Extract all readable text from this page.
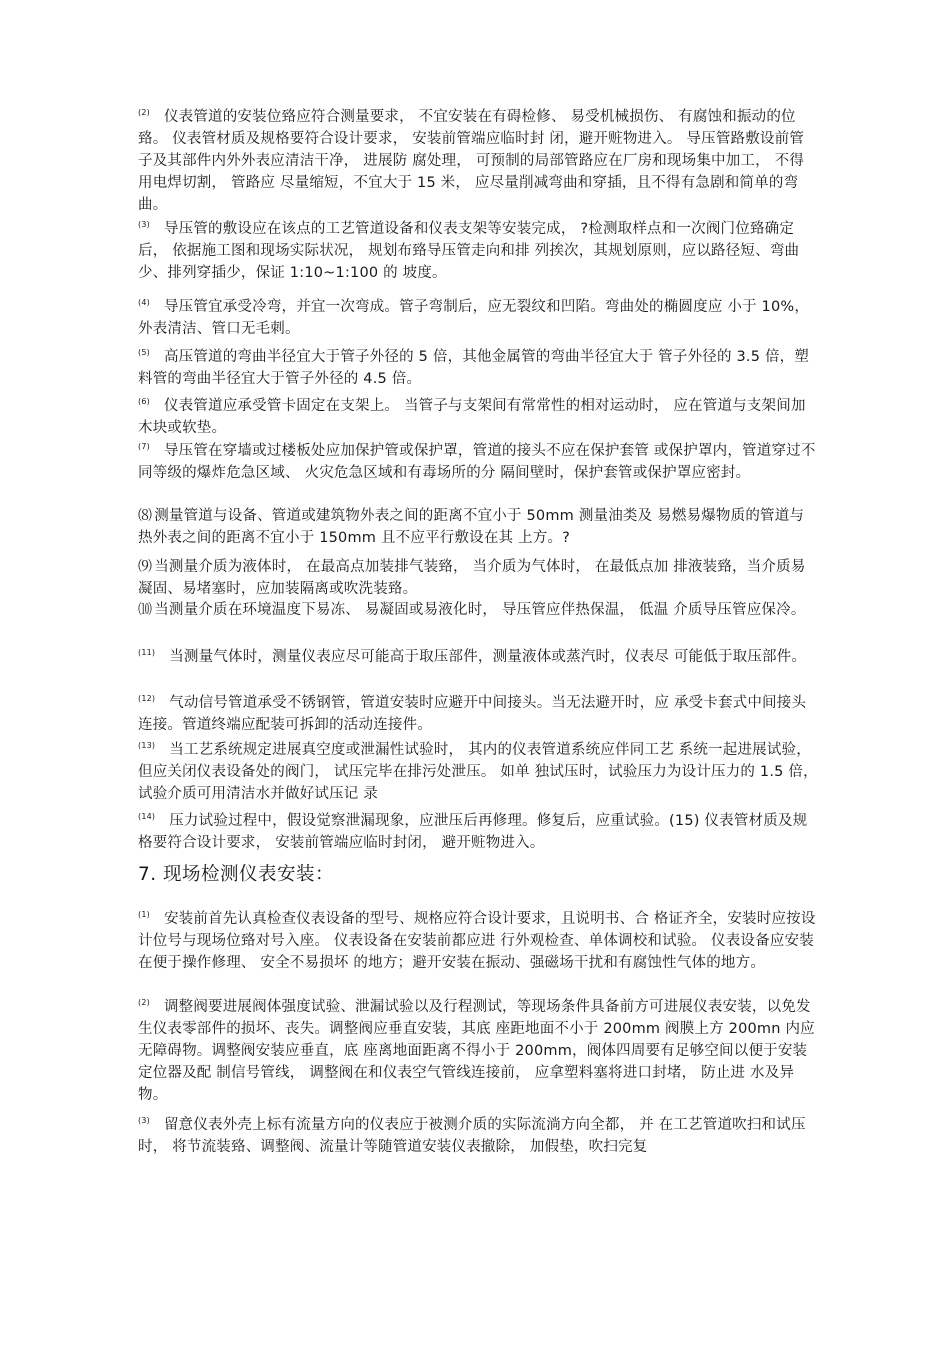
$^{(2)}$ 仪表管道的安装位臵应符合测量要求， 不宜安装在有碍检修、 易受机械损伤、 有腐蚀和振动的位臵。 仪表管材质及规格要符合设计要求， 安装前管端应临时封 闭，避开赃物进入。 导压管路敷设前管子及其部件内外外表应清洁干净， 进展防 腐处理， 可预制的局部管路应在厂房和现场集中加工， 不得用电焊切割， 管路应 尽量缩短，不宜大于 15 米， 应尽量削减弯曲和穿插，且不得有急剧和简单的弯 曲。
$^{(3)}$ 导压管的敷设应在该点的工艺管道设备和仪表支架等安装完成， ?检测取样点和一次阀门位臵确定后， 依据施工图和现场实际状况， 规划布臵导压管走向和排 列挨次，其规划原则，应以路径短、弯曲少、排列穿插少，保证 1:10~1:100 的 坡度。
$^{(4)}$ 导压管宜承受冷弯，并宜一次弯成。管子弯制后，应无裂纹和凹陷。弯曲处的椭圆度应 小于 10%，外表清洁、管口无毛刺。
$^{(5)}$ 高压管道的弯曲半径宜大于管子外径的 5 倍，其他金属管的弯曲半径宜大于 管子外径的 3.5 倍，塑料管的弯曲半径宜大于管子外径的 4.5 倍。
$^{(6)}$ 仪表管道应承受管卡固定在支架上。 当管子与支架间有常常性的相对运动时， 应在管道与支架间加木块或软垫。
$^{(7)}$ 导压管在穿墙或过楼板处应加保护管或保护罩，管道的接头不应在保护套管 或保护罩内，管道穿过不同等级的爆炸危急区域、 火灾危急区域和有毒场所的分 隔间壁时，保护套管或保护罩应密封。
⑻ 测量管道与设备、管道或建筑物外表之间的距离不宜小于 50mm 测量油类及 易燃易爆物质的管道与热外表之间的距离不宜小于 150mm 且不应平行敷设在其 上方。?
⑼ 当测量介质为液体时， 在最高点加装排气装臵， 当介质为气体时， 在最低点加 排液装臵，当介质易凝固、易堵塞时，应加装隔离或吹洗装臵。
⑽ 当测量介质在环境温度下易冻、 易凝固或易液化时， 导压管应伴热保温， 低温 介质导压管应保冷。
$^{(11)}$ 当测量气体时，测量仪表应尽可能高于取压部件，测量液体或蒸汽时，仪表尽 可能低于取压部件。
$^{(12)}$ 气动信号管道承受不锈钢管，管道安装时应避开中间接头。当无法避开时，应 承受卡套式中间接头连接。管道终端应配装可拆卸的活动连接件。
$^{(13)}$ 当工艺系统规定进展真空度或泄漏性试验时， 其内的仪表管道系统应伴同工艺 系统一起进展试验， 但应关闭仪表设备处的阀门， 试压完毕在排污处泄压。 如单 独试压时，试验压力为设计压力的 1.5 倍，试验介质可用清洁水并做好试压记 录
$^{(14)}$ 压力试验过程中，假设觉察泄漏现象，应泄压后再修理。修复后，应重试验。(15) 仪表管材质及规格要符合设计要求， 安装前管端应临时封闭， 避开赃物进入。
7. 现场检测仪表安装：
$^{(1)}$ 安装前首先认真检查仪表设备的型号、规格应符合设计要求，且说明书、合 格证齐全，安装时应按设计位号与现场位臵对号入座。 仪表设备在安装前都应进 行外观检查、单体调校和试验。 仪表设备应安装在便于操作修理、 安全不易损坏 的地方；避开安装在振动、强磁场干扰和有腐蚀性气体的地方。
$^{(2)}$ 调整阀要进展阀体强度试验、泄漏试验以及行程测试，等现场条件具备前方可进展仪表安装，以免发生仪表零部件的损坏、丧失。调整阀应垂直安装，其底 座距地面不小于 200mm 阀膜上方 200mn 内应无障碍物。调整阀安装应垂直，底 座离地面距离不得小于 200mm，阀体四周要有足够空间以便于安装定位器及配 制信号管线， 调整阀在和仪表空气管线连接前， 应拿塑料塞将进口封堵， 防止进 水及异物。
$^{(3)}$ 留意仪表外壳上标有流量方向的仪表应于被测介质的实际流淌方向全都， 并 在工艺管道吹扫和试压时， 将节流装臵、调整阀、流量计等随管道安装仪表撤除， 加假垫，吹扫完复
